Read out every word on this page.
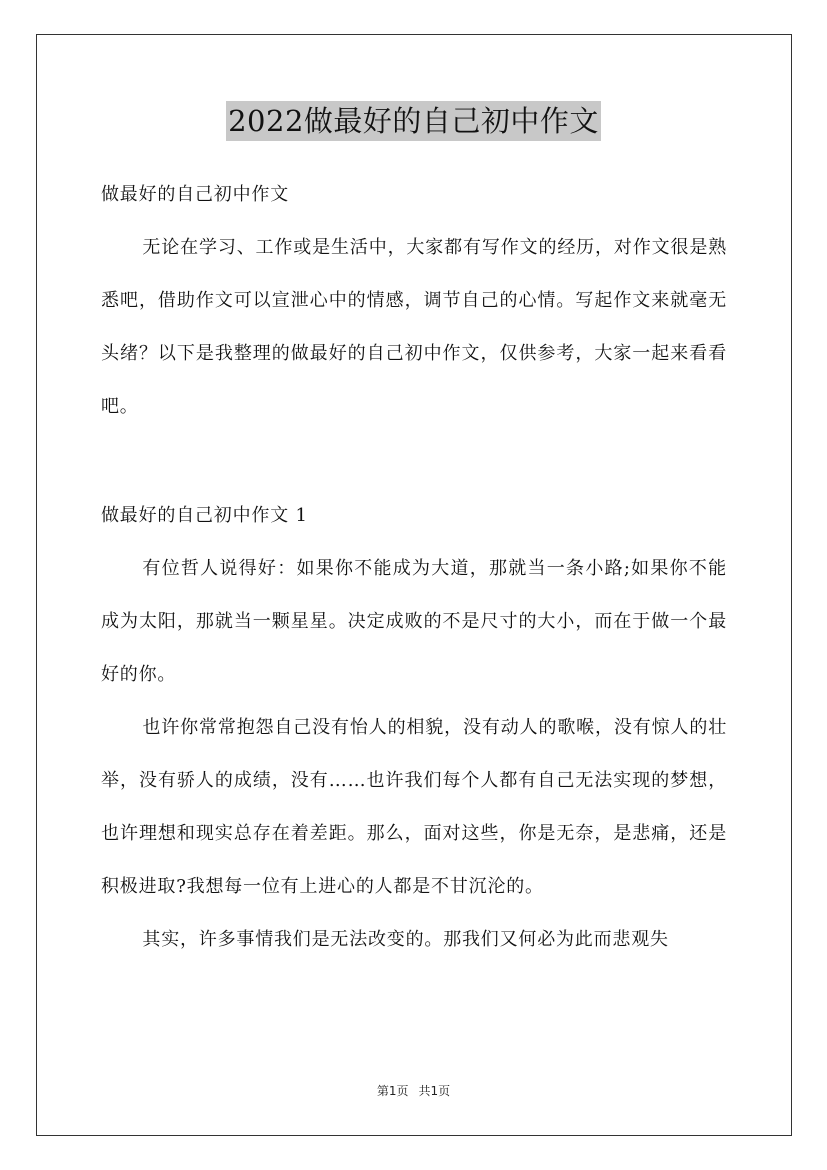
2022做最好的自己初中作文

做最好的自己初中作文

无论在学习、工作或是生活中，大家都有写作文的经历，对作文很是熟悉吧，借助作文可以宣泄心中的情感，调节自己的心情。写起作文来就毫无头绪？以下是我整理的做最好的自己初中作文，仅供参考，大家一起来看看吧。

做最好的自己初中作文 1

有位哲人说得好：如果你不能成为大道，那就当一条小路;如果你不能成为太阳，那就当一颗星星。决定成败的不是尺寸的大小，而在于做一个最好的你。

也许你常常抱怨自己没有怡人的相貌，没有动人的歌喉，没有惊人的壮举，没有骄人的成绩，没有……也许我们每个人都有自己无法实现的梦想，也许理想和现实总存在着差距。那么，面对这些，你是无奈，是悲痛，还是积极进取?我想每一位有上进心的人都是不甘沉沦的。

其实，许多事情我们是无法改变的。那我们又何必为此而悲观失

第1页 共1页
